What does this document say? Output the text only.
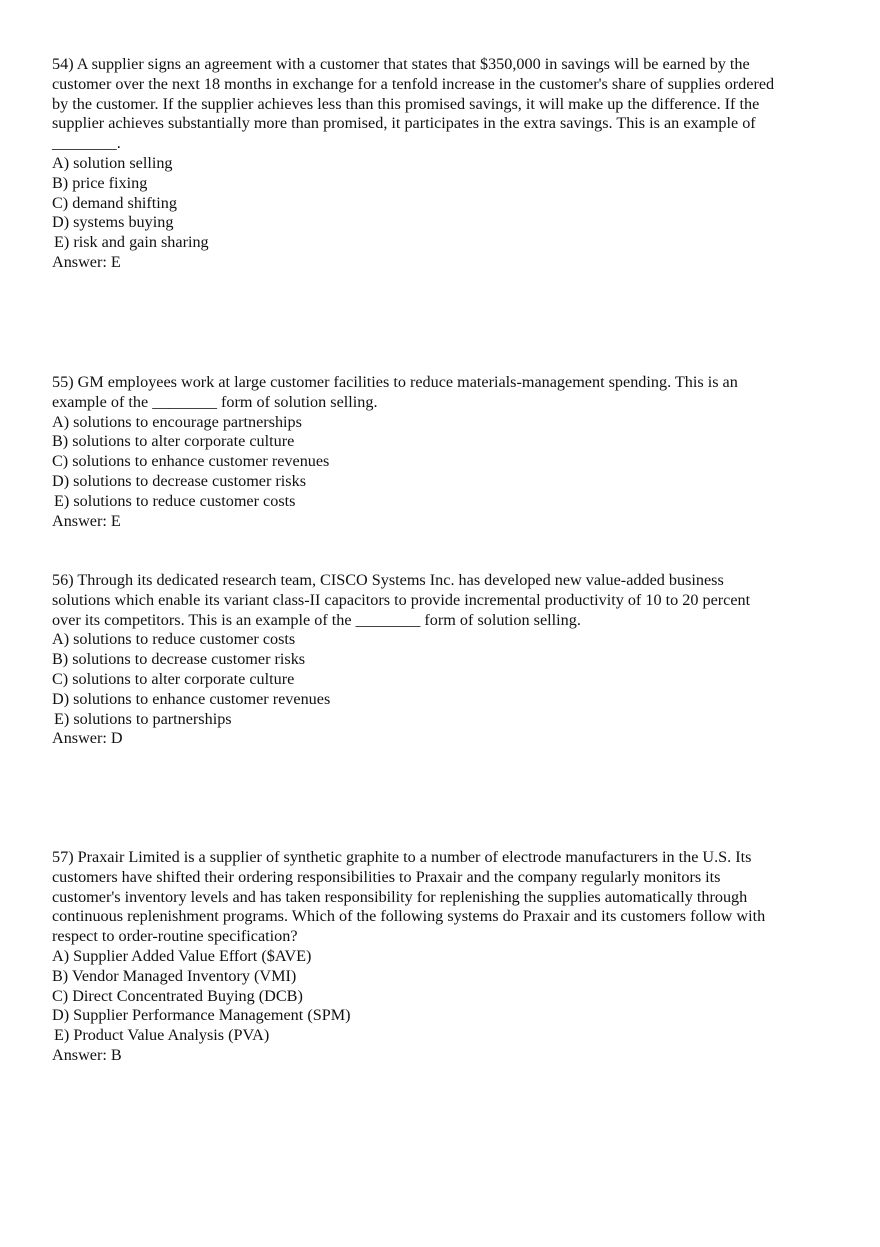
54) A supplier signs an agreement with a customer that states that $350,000 in savings will be earned by the
customer over the next 18 months in exchange for a tenfold increase in the customer's share of supplies ordered
by the customer. If the supplier achieves less than this promised savings, it will make up the difference. If the
supplier achieves substantially more than promised, it participates in the extra savings. This is an example of
________.
A) solution selling
B) price fixing
C) demand shifting
D) systems buying
E) risk and gain sharing
Answer: E
55) GM employees work at large customer facilities to reduce materials-management spending. This is an
example of the ________ form of solution selling.
A) solutions to encourage partnerships
B) solutions to alter corporate culture
C) solutions to enhance customer revenues
D) solutions to decrease customer risks
E) solutions to reduce customer costs
Answer: E
56) Through its dedicated research team, CISCO Systems Inc. has developed new value-added business
solutions which enable its variant class-II capacitors to provide incremental productivity of 10 to 20 percent
over its competitors. This is an example of the ________ form of solution selling.
A) solutions to reduce customer costs
B) solutions to decrease customer risks
C) solutions to alter corporate culture
D) solutions to enhance customer revenues
E) solutions to partnerships
Answer: D
57) Praxair Limited is a supplier of synthetic graphite to a number of electrode manufacturers in the U.S. Its
customers have shifted their ordering responsibilities to Praxair and the company regularly monitors its
customer's inventory levels and has taken responsibility for replenishing the supplies automatically through
continuous replenishment programs. Which of the following systems do Praxair and its customers follow with
respect to order-routine specification?
A) Supplier Added Value Effort ($AVE)
B) Vendor Managed Inventory (VMI)
C) Direct Concentrated Buying (DCB)
D) Supplier Performance Management (SPM)
E) Product Value Analysis (PVA)
Answer: B
